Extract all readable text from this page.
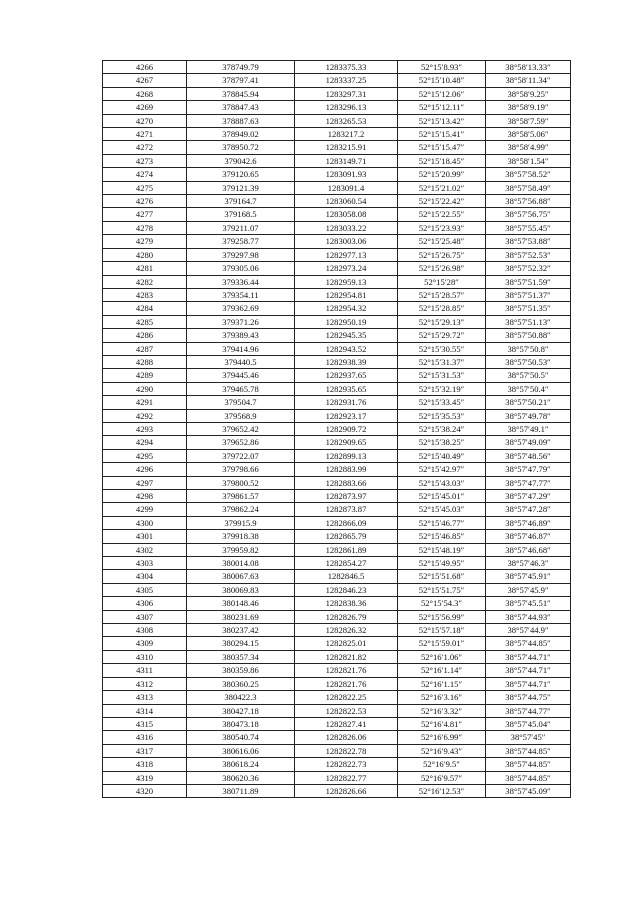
4266	378749.79	1283375.33	52°15′8.93″	38°58′13.33″
4267	378797.41	1283337.25	52°15′10.48″	38°58′11.34″
4268	378845.94	1283297.31	52°15′12.06″	38°58′9.25″
4269	378847.43	1283296.13	52°15′12.11″	38°58′9.19″
4270	378887.63	1283265.53	52°15′13.42″	38°58′7.59″
4271	378949.02	1283217.2	52°15′15.41″	38°58′5.06″
4272	378950.72	1283215.91	52°15′15.47″	38°58′4.99″
4273	379042.6	1283149.71	52°15′18.45″	38°58′1.54″
4274	379120.65	1283091.93	52°15′20.99″	38°57′58.52″
4275	379121.39	1283091.4	52°15′21.02″	38°57′58.49″
4276	379164.7	1283060.54	52°15′22.42″	38°57′56.88″
4277	379168.5	1283058.08	52°15′22.55″	38°57′56.75″
4278	379211.07	1283033.22	52°15′23.93″	38°57′55.45″
4279	379258.77	1283003.06	52°15′25.48″	38°57′53.88″
4280	379297.98	1282977.13	52°15′26.75″	38°57′52.53″
4281	379305.06	1282973.24	52°15′26.98″	38°57′52.32″
4282	379336.44	1282959.13	52°15′28″	38°57′51.59″
4283	379354.11	1282954.81	52°15′28.57″	38°57′51.37″
4284	379362.69	1282954.32	52°15′28.85″	38°57′51.35″
4285	379371.26	1282950.19	52°15′29.13″	38°57′51.13″
4286	379389.43	1282945.35	52°15′29.72″	38°57′50.88″
4287	379414.96	1282943.52	52°15′30.55″	38°57′50.8″
4288	379440.5	1282938.39	52°15′31.37″	38°57′50.53″
4289	379445.46	1282937.65	52°15′31.53″	38°57′50.5″
4290	379465.78	1282935.65	52°15′32.19″	38°57′50.4″
4291	379504.7	1282931.76	52°15′33.45″	38°57′50.21″
4292	379568.9	1282923.17	52°15′35.53″	38°57′49.78″
4293	379652.42	1282909.72	52°15′38.24″	38°57′49.1″
4294	379652.86	1282909.65	52°15′38.25″	38°57′49.09″
4295	379722.07	1282899.13	52°15′40.49″	38°57′48.56″
4296	379798.66	1282883.99	52°15′42.97″	38°57′47.79″
4297	379800.52	1282883.66	52°15′43.03″	38°57′47.77″
4298	379861.57	1282873.97	52°15′45.01″	38°57′47.29″
4299	379862.24	1282873.87	52°15′45.03″	38°57′47.28″
4300	379915.9	1282866.09	52°15′46.77″	38°57′46.89″
4301	379918.38	1282865.79	52°15′46.85″	38°57′46.87″
4302	379959.82	1282861.89	52°15′48.19″	38°57′46.68″
4303	380014.08	1282854.27	52°15′49.95″	38°57′46.3″
4304	380067.63	1282846.5	52°15′51.68″	38°57′45.91″
4305	380069.83	1282846.23	52°15′51.75″	38°57′45.9″
4306	380148.46	1282838.36	52°15′54.3″	38°57′45.51″
4307	380231.69	1282826.79	52°15′56.99″	38°57′44.93″
4308	380237.42	1282826.32	52°15′57.18″	38°57′44.9″
4309	380294.15	1282825.01	52°15′59.01″	38°57′44.85″
4310	380357.34	1282821.82	52°16′1.06″	38°57′44.71″
4311	380359.86	1282821.76	52°16′1.14″	38°57′44.71″
4312	380360.25	1282821.76	52°16′1.15″	38°57′44.71″
4313	380422.3	1282822.25	52°16′3.16″	38°57′44.75″
4314	380427.18	1282822.53	52°16′3.32″	38°57′44.77″
4315	380473.18	1282827.41	52°16′4.81″	38°57′45.04″
4316	380540.74	1282826.06	52°16′6.99″	38°57′45″
4317	380616.06	1282822.78	52°16′9.43″	38°57′44.85″
4318	380618.24	1282822.73	52°16′9.5″	38°57′44.85″
4319	380620.36	1282822.77	52°16′9.57″	38°57′44.85″
4320	380711.89	1282826.66	52°16′12.53″	38°57′45.09″
